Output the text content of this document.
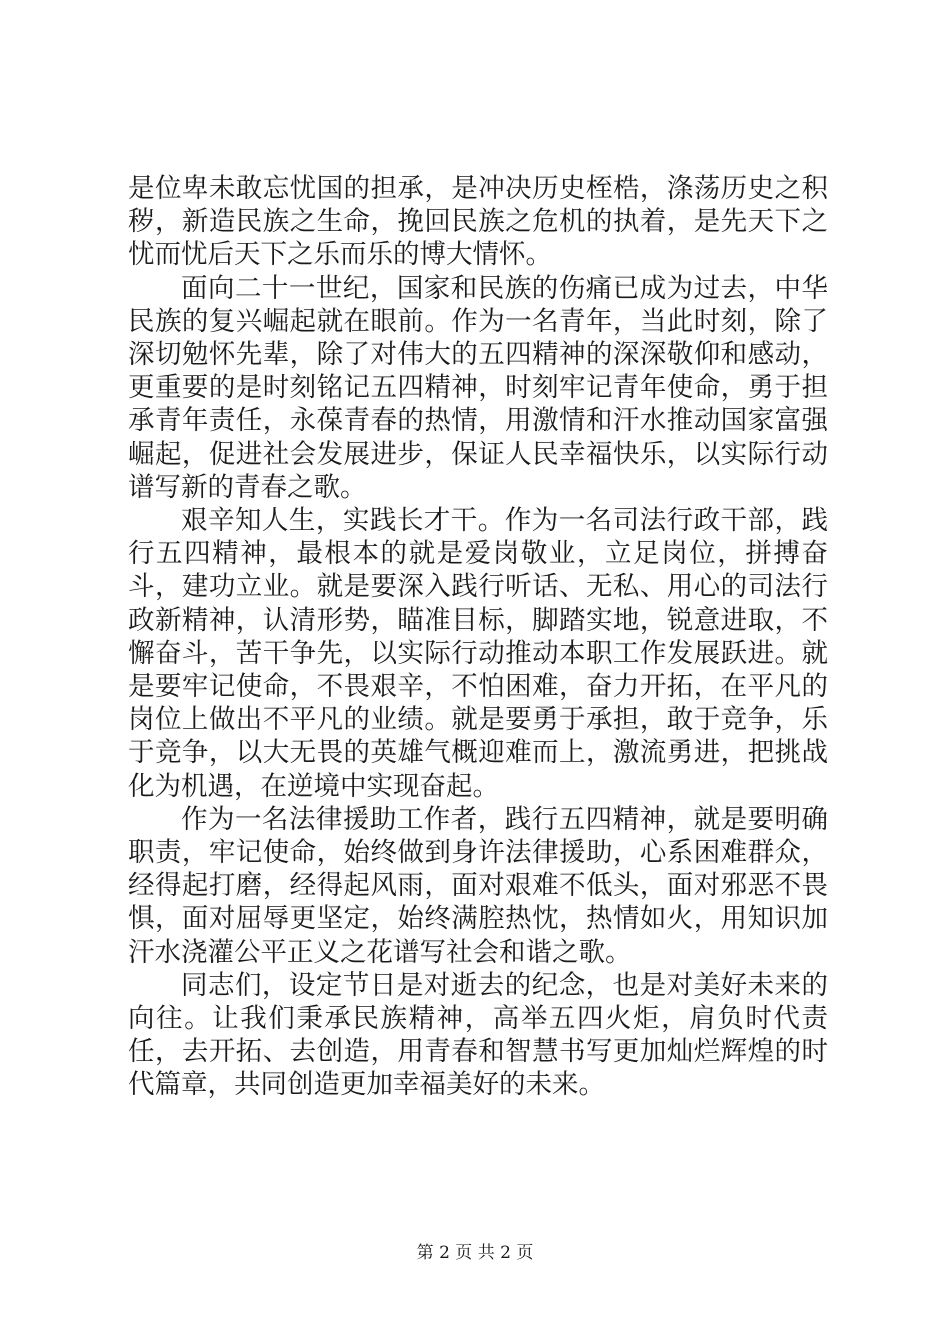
是位卑未敢忘忧国的担承，是冲决历史桎梏，涤荡历史之积秽，新造民族之生命，挽回民族之危机的执着，是先天下之忧而忧后天下之乐而乐的博大情怀。

面向二十一世纪，国家和民族的伤痛已成为过去，中华民族的复兴崛起就在眼前。作为一名青年，当此时刻，除了深切勉怀先辈，除了对伟大的五四精神的深深敬仰和感动，更重要的是时刻铭记五四精神，时刻牢记青年使命，勇于担承青年责任，永葆青春的热情，用激情和汗水推动国家富强崛起，促进社会发展进步，保证人民幸福快乐，以实际行动谱写新的青春之歌。

艰辛知人生，实践长才干。作为一名司法行政干部，践行五四精神，最根本的就是爱岗敬业，立足岗位，拼搏奋斗，建功立业。就是要深入践行听话、无私、用心的司法行政新精神，认清形势，瞄准目标，脚踏实地，锐意进取，不懈奋斗，苦干争先，以实际行动推动本职工作发展跃进。就是要牢记使命，不畏艰辛，不怕困难，奋力开拓，在平凡的岗位上做出不平凡的业绩。就是要勇于承担，敢于竞争，乐于竞争，以大无畏的英雄气概迎难而上，激流勇进，把挑战化为机遇，在逆境中实现奋起。

作为一名法律援助工作者，践行五四精神，就是要明确职责，牢记使命，始终做到身许法律援助，心系困难群众，经得起打磨，经得起风雨，面对艰难不低头，面对邪恶不畏惧，面对屈辱更坚定，始终满腔热忱，热情如火，用知识加汗水浇灌公平正义之花谱写社会和谐之歌。

同志们，设定节日是对逝去的纪念，也是对美好未来的向往。让我们秉承民族精神，高举五四火炬，肩负时代责任，去开拓、去创造，用青春和智慧书写更加灿烂辉煌的时代篇章，共同创造更加幸福美好的未来。

第 2 页 共 2 页
